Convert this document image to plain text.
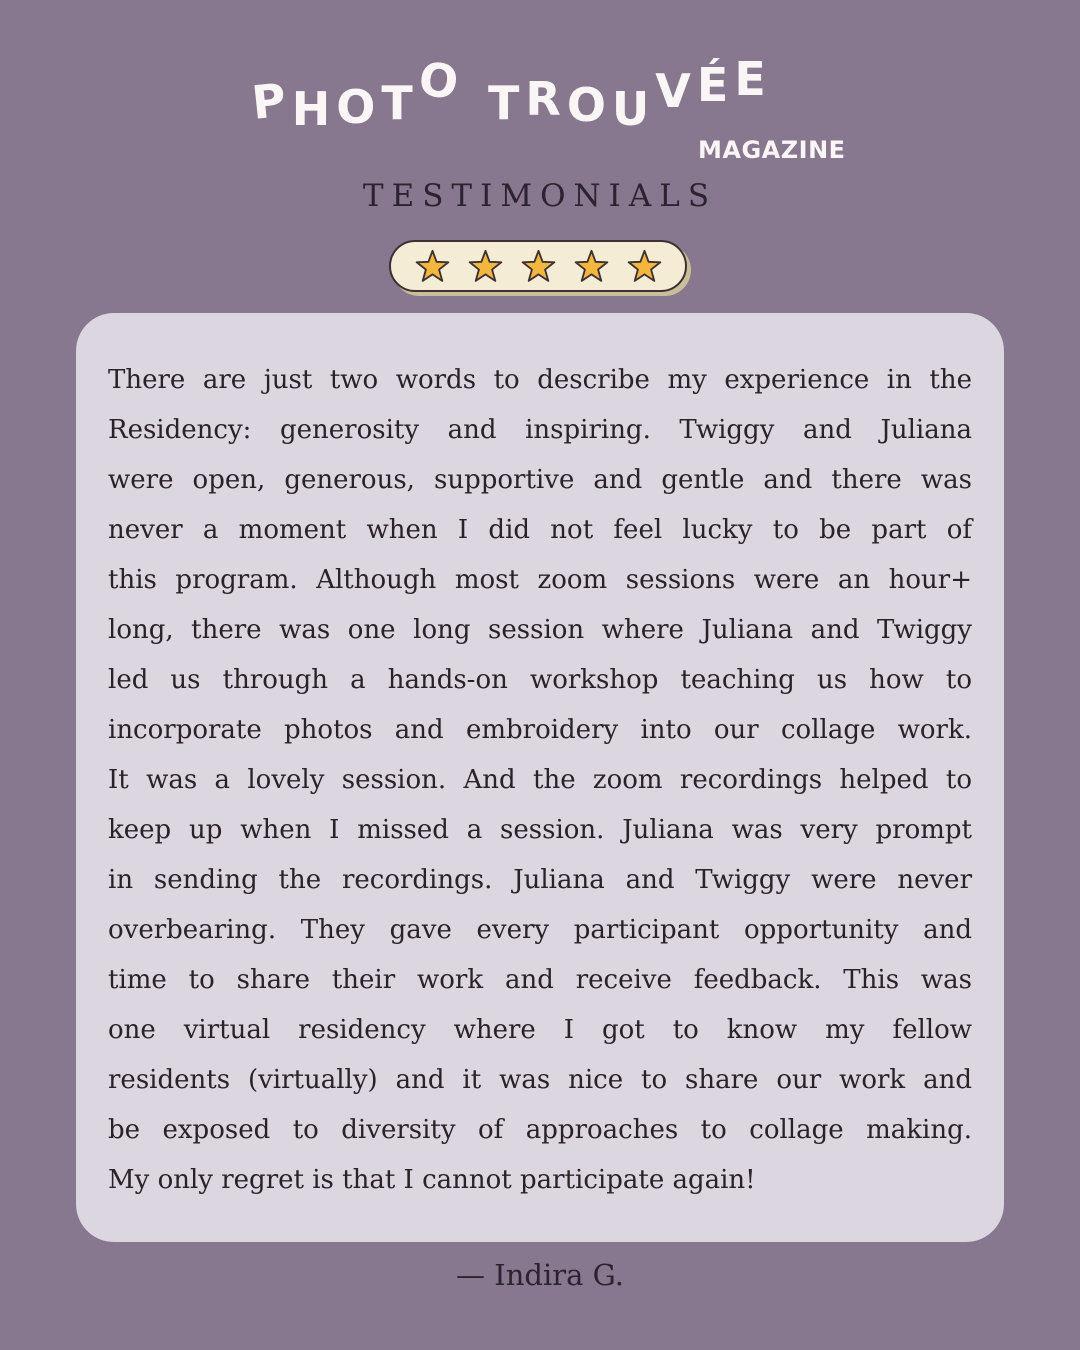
PHOTO TROUVÉE
MAGAZINE
TESTIMONIALS
There are just two words to describe my experience in the
Residency: generosity and inspiring. Twiggy and Juliana
were open, generous, supportive and gentle and there was
never a moment when I did not feel lucky to be part of
this program. Although most zoom sessions were an hour+
long, there was one long session where Juliana and Twiggy
led us through a hands-on workshop teaching us how to
incorporate photos and embroidery into our collage work.
It was a lovely session. And the zoom recordings helped to
keep up when I missed a session. Juliana was very prompt
in sending the recordings. Juliana and Twiggy were never
overbearing. They gave every participant opportunity and
time to share their work and receive feedback. This was
one virtual residency where I got to know my fellow
residents (virtually) and it was nice to share our work and
be exposed to diversity of approaches to collage making.
My only regret is that I cannot participate again!
— Indira G.
